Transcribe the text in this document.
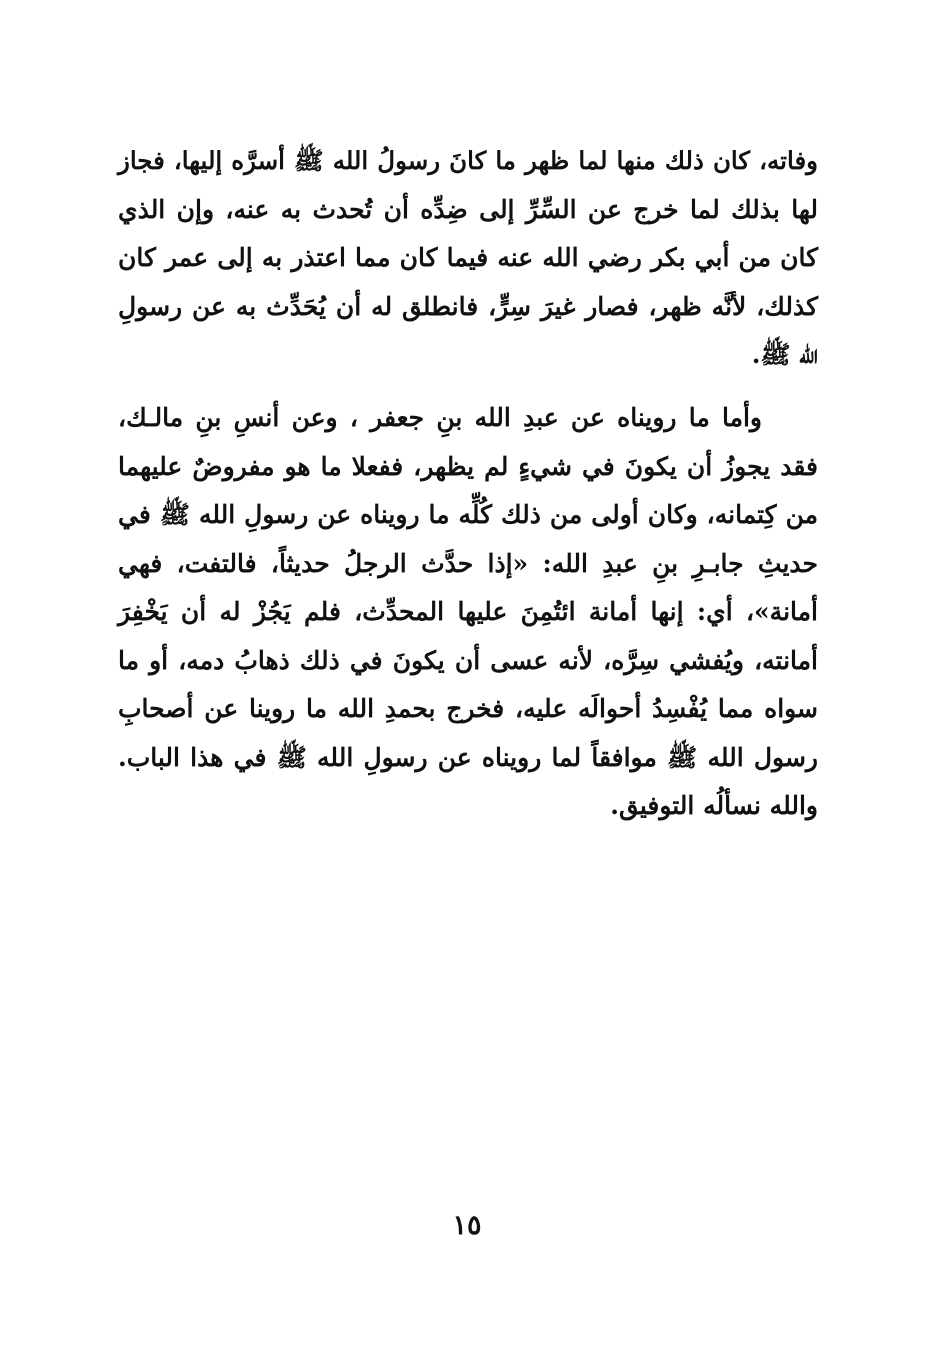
وفاته، كان ذلك منها لما ظهر ما كانَ رسولُ الله ﷺ أسرَّه إليها، فجاز
لها بذلك لما خرج عن السِّرِّ إلى ضِدِّه أن تُحدث به عنه، وإن الذي
كان من أبي بكر رضي الله عنه فيما كان مما اعتذر به إلى عمر كان
كذلك، لأنَّه ظهر، فصار غيرَ سِرٍّ، فانطلق له أن يُحَدِّث به عن رسولِ
الله ﷺ.
وأما ما رويناه عن عبدِ الله بنِ جعفر ، وعن أنسِ بنِ مالـك،
فقد يجوزُ أن يكونَ في شيءٍ لم يظهر، ففعلا ما هو مفروضٌ عليهما
من كِتمانه، وكان أولى من ذلك كُلِّه ما رويناه عن رسولِ الله ﷺ في
حديثِ جابـرِ بنِ عبدِ الله: «إذا حدَّث الرجلُ حديثاً، فالتفت، فهي
أمانة»، أي: إنها أمانة ائتُمِنَ عليها المحدِّث، فلم يَجُزْ له أن يَخْفِرَ
أمانته، ويُفشي سِرَّه، لأنه عسى أن يكونَ في ذلك ذهابُ دمه، أو ما
سواه مما يُفْسِدُ أحوالَه عليه، فخرج بحمدِ الله ما روينا عن أصحابِ
رسول الله ﷺ موافقاً لما رويناه عن رسولِ الله ﷺ في هذا الباب.
والله نسألُه التوفيق.
١٥
